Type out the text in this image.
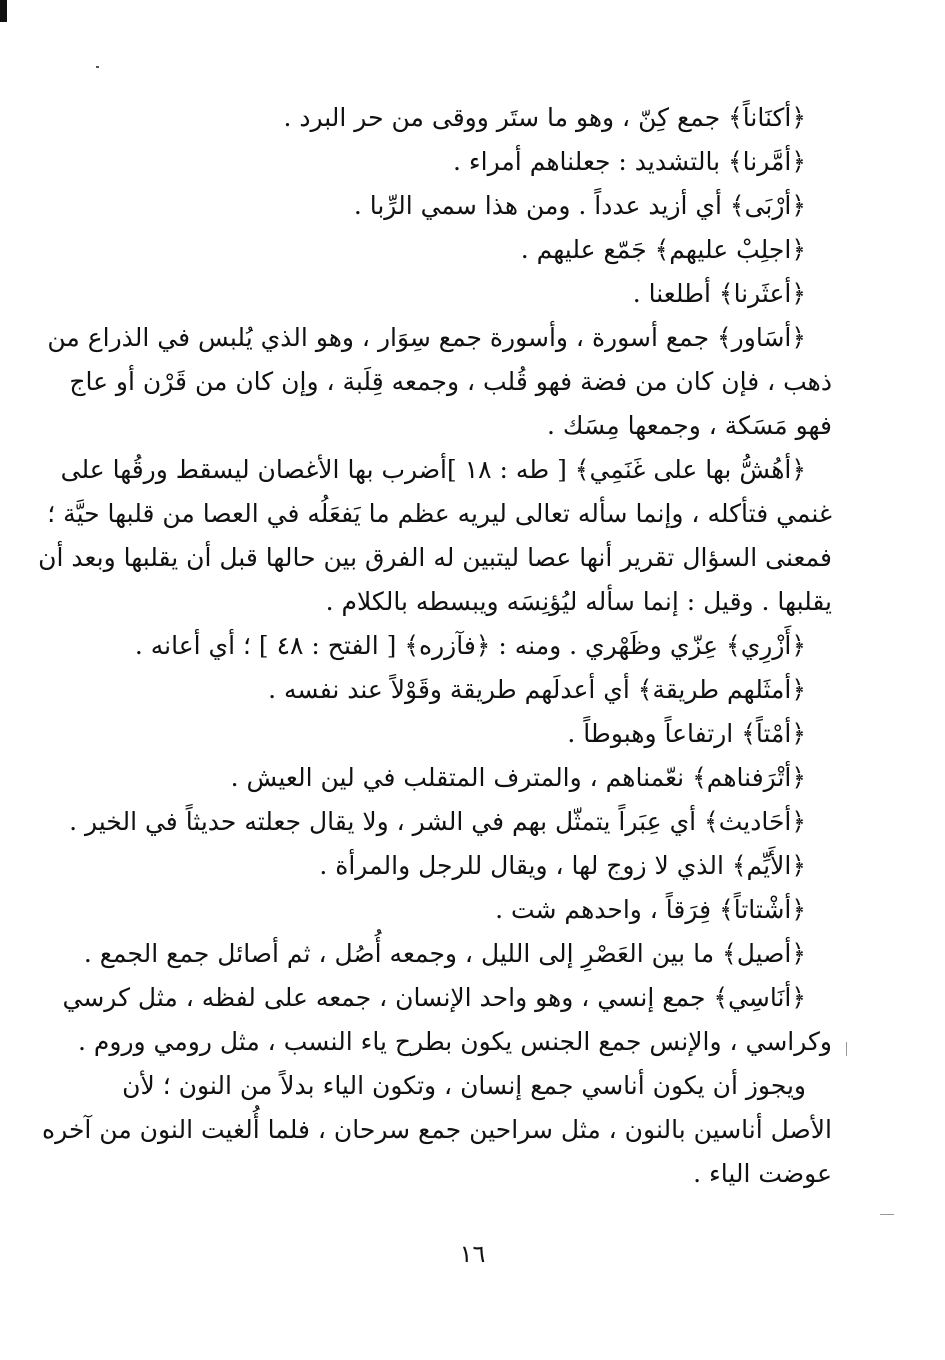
﴿أكنَاناً﴾ جمع كِنّ ، وهو ما ستَر ووقى من حر البرد .
﴿أمَّرنا﴾ بالتشديد : جعلناهم أمراء .
﴿أرْبَى﴾ أي أزيد عدداً . ومن هذا سمي الرِّبا .
﴿اجلِبْ عليهم﴾ جَمّع عليهم .
﴿أعثَرنا﴾ أطلعنا .
﴿أسَاور﴾ جمع أسورة ، وأسورة جمع سِوَار ، وهو الذي يُلبس في الذراع من
ذهب ، فإن كان من فضة فهو قُلب ، وجمعه قِلَبة ، وإن كان من قَرْن أو عاج
فهو مَسَكة ، وجمعها مِسَك .
﴿أهُشُّ بها على غَنَمِي﴾ [ طه : ١٨ ]أضرب بها الأغصان ليسقط ورقُها على
غنمي فتأكله ، وإنما سأله تعالى ليريه عظم ما يَفعَلُه في العصا من قلبها حيَّة ؛
فمعنى السؤال تقرير أنها عصا ليتبين له الفرق بين حالها قبل أن يقلبها وبعد أن
يقلبها . وقيل : إنما سأله ليُؤنِسَه ويبسطه بالكلام .
﴿أَزْرِي﴾ عِزّي وظَهْري . ومنه : ﴿فآزره﴾ [ الفتح : ٤٨ ] ؛ أي أعانه .
﴿أمثَلهم طريقة﴾ أي أعدلَهم طريقة وقَوْلاً عند نفسه .
﴿أمْتاً﴾ ارتفاعاً وهبوطاً .
﴿أتْرَفناهم﴾ نعّمناهم ، والمترف المتقلب في لين العيش .
﴿أحَاديث﴾ أي عِبَراً يتمثّل بهم في الشر ، ولا يقال جعلته حديثاً في الخير .
﴿الأَيِّم﴾ الذي لا زوج لها ، ويقال للرجل والمرأة .
﴿أشْتاتاً﴾ فِرَقاً ، واحدهم شت .
﴿أصيل﴾ ما بين العَصْرِ إلى الليل ، وجمعه أُصُل ، ثم أصائل جمع الجمع .
﴿أنَاسِي﴾ جمع إنسي ، وهو واحد الإنسان ، جمعه على لفظه ، مثل كرسي
وكراسي ، والإنس جمع الجنس يكون بطرح ياء النسب ، مثل رومي وروم .
ويجوز أن يكون أناسي جمع إنسان ، وتكون الياء بدلاً من النون ؛ لأن
الأصل أناسين بالنون ، مثل سراحين جمع سرحان ، فلما أُلغيت النون من آخره
عوضت الياء .
١٦
